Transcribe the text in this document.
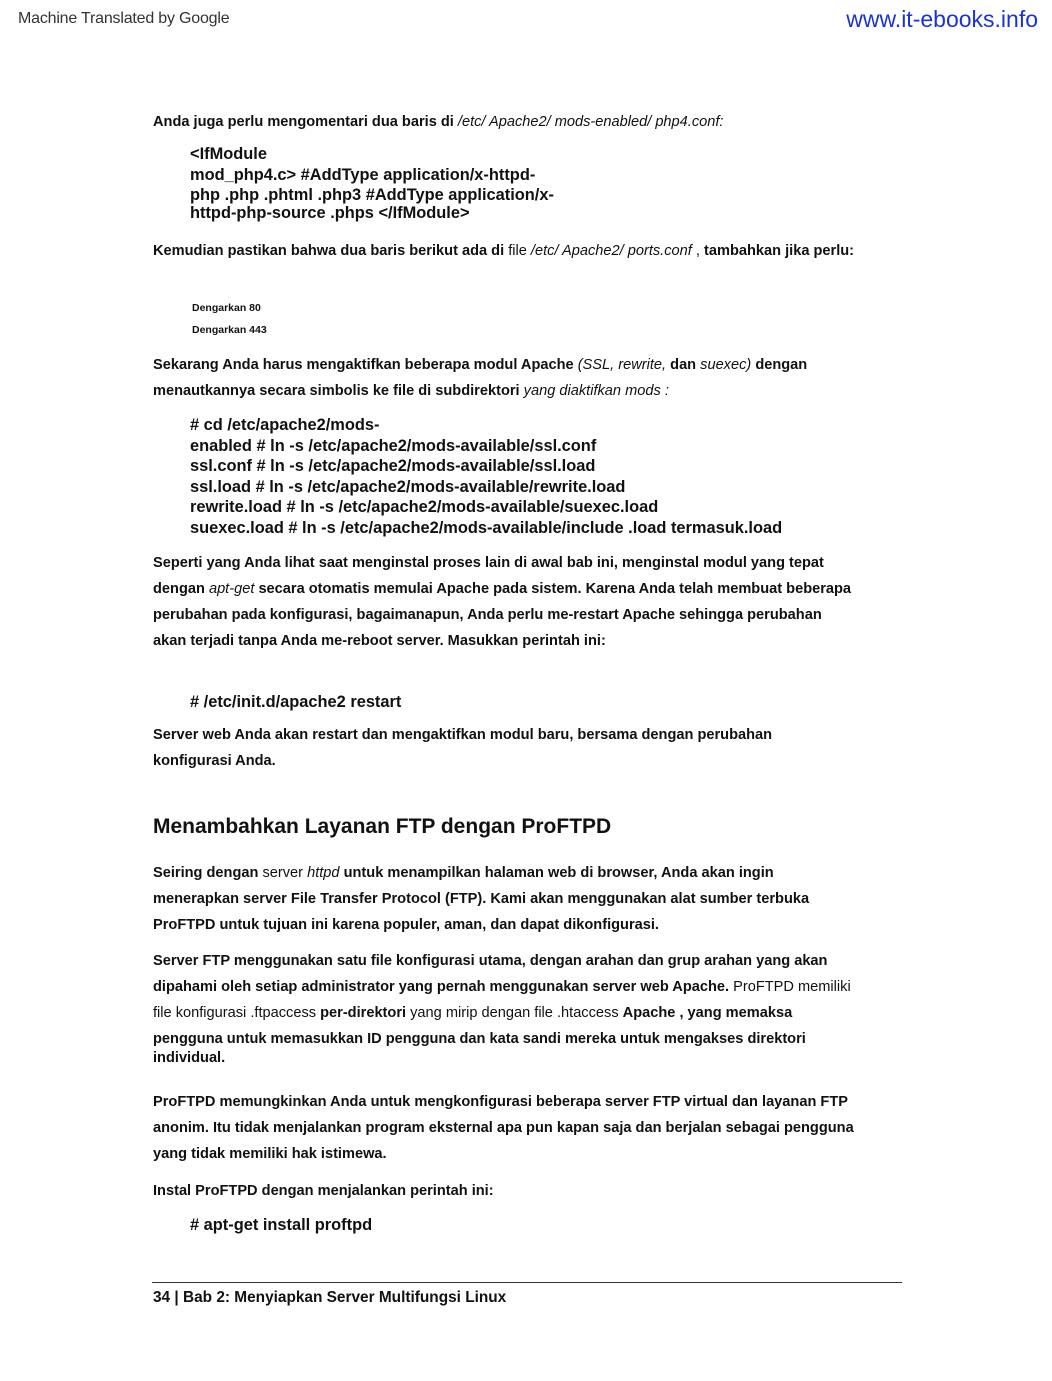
Machine Translated by Google	www.it-ebooks.info

Anda juga perlu mengomentari dua baris di /etc/ Apache2/ mods-enabled/ php4.conf:

<IfModule
mod_php4.c> #AddType application/x-httpd-
php .php .phtml .php3 #AddType application/x-
httpd-php-source .phps </IfModule>

Kemudian pastikan bahwa dua baris berikut ada di file /etc/ Apache2/ ports.conf , tambahkan jika perlu:

Dengarkan 80
Dengarkan 443
Sekarang Anda harus mengaktifkan beberapa modul Apache (SSL, rewrite, dan suexec) dengan
menautkannya secara simbolis ke file di subdirektori yang diaktifkan mods :
# cd /etc/apache2/mods-
enabled # ln -s /etc/apache2/mods-available/ssl.conf
ssl.conf # ln -s /etc/apache2/mods-available/ssl.load
ssl.load # ln -s /etc/apache2/mods-available/rewrite.load
rewrite.load # ln -s /etc/apache2/mods-available/suexec.load
suexec.load # ln -s /etc/apache2/mods-available/include .load termasuk.load
Seperti yang Anda lihat saat menginstal proses lain di awal bab ini, menginstal modul yang tepat
dengan apt-get secara otomatis memulai Apache pada sistem. Karena Anda telah membuat beberapa
perubahan pada konfigurasi, bagaimanapun, Anda perlu me-restart Apache sehingga perubahan
akan terjadi tanpa Anda me-reboot server. Masukkan perintah ini:
# /etc/init.d/apache2 restart
Server web Anda akan restart dan mengaktifkan modul baru, bersama dengan perubahan
konfigurasi Anda.
Menambahkan Layanan FTP dengan ProFTPD
Seiring dengan server httpd untuk menampilkan halaman web di browser, Anda akan ingin
menerapkan server File Transfer Protocol (FTP). Kami akan menggunakan alat sumber terbuka
ProFTPD untuk tujuan ini karena populer, aman, dan dapat dikonfigurasi.
Server FTP menggunakan satu file konfigurasi utama, dengan arahan dan grup arahan yang akan
dipahami oleh setiap administrator yang pernah menggunakan server web Apache. ProFTPD memiliki
file konfigurasi .ftpaccess per-direktori yang mirip dengan file .htaccess Apache , yang memaksa
pengguna untuk memasukkan ID pengguna dan kata sandi mereka untuk mengakses direktori
individual.
ProFTPD memungkinkan Anda untuk mengkonfigurasi beberapa server FTP virtual dan layanan FTP
anonim. Itu tidak menjalankan program eksternal apa pun kapan saja dan berjalan sebagai pengguna
yang tidak memiliki hak istimewa.

Instal ProFTPD dengan menjalankan perintah ini:

# apt-get install proftpd
34 | Bab 2: Menyiapkan Server Multifungsi Linux
